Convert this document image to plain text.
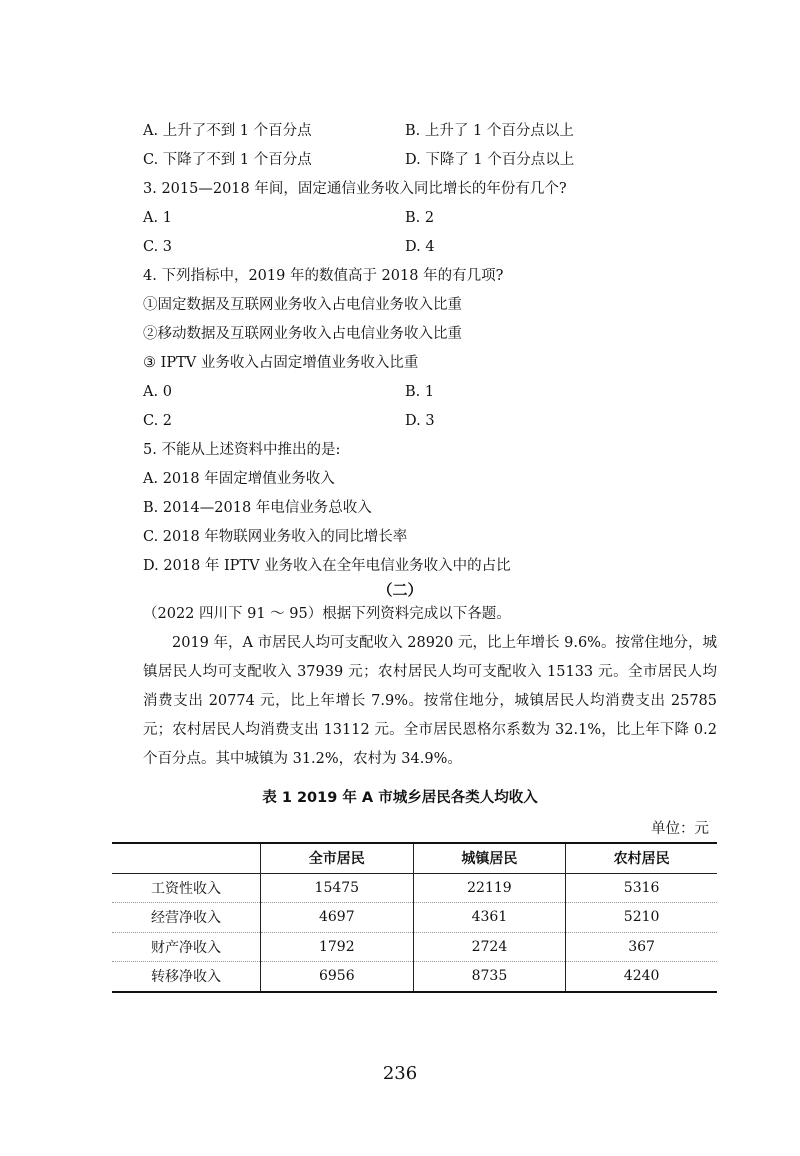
A. 上升了不到 1 个百分点	B. 上升了 1 个百分点以上
C. 下降了不到 1 个百分点	D. 下降了 1 个百分点以上
3. 2015—2018 年间，固定通信业务收入同比增长的年份有几个?
A. 1	B. 2
C. 3	D. 4
4. 下列指标中，2019 年的数值高于 2018 年的有几项?
①固定数据及互联网业务收入占电信业务收入比重
②移动数据及互联网业务收入占电信业务收入比重
③ IPTV 业务收入占固定增值业务收入比重
A. 0	B. 1
C. 2	D. 3
5. 不能从上述资料中推出的是:
A. 2018 年固定增值业务收入
B. 2014—2018 年电信业务总收入
C. 2018 年物联网业务收入的同比增长率
D. 2018 年 IPTV 业务收入在全年电信业务收入中的占比
（二）

（2022 四川下 91 ～ 95）根据下列资料完成以下各题。

2019 年，A 市居民人均可支配收入 28920 元，比上年增长 9.6%。按常住地分，城镇居民人均可支配收入 37939 元；农村居民人均可支配收入 15133 元。全市居民人均消费支出 20774 元，比上年增长 7.9%。按常住地分，城镇居民人均消费支出 25785 元；农村居民人均消费支出 13112 元。全市居民恩格尔系数为 32.1%，比上年下降 0.2 个百分点。其中城镇为 31.2%，农村为 34.9%。

表 1 2019 年 A 市城乡居民各类人均收入
单位：元
	全市居民	城镇居民	农村居民
工资性收入	15475	22119	5316
经营净收入	4697	4361	5210
财产净收入	1792	2724	367
转移净收入	6956	8735	4240
236
